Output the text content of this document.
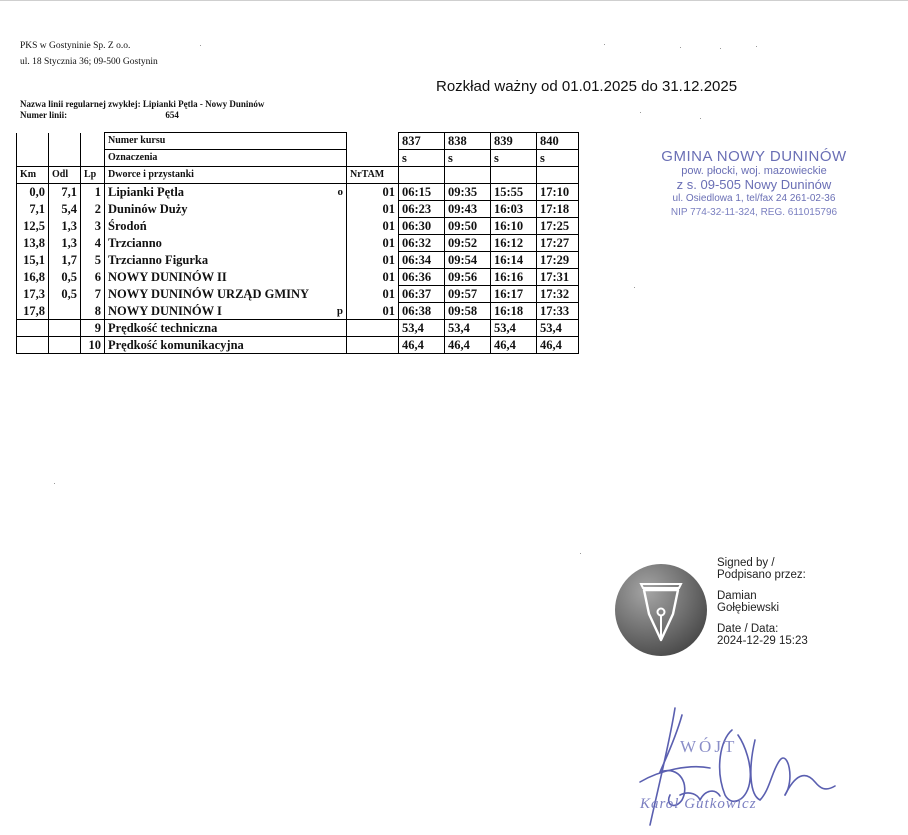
PKS w Gostyninie Sp. Z o.o.
ul. 18 Stycznia 36; 09-500 Gostynin
Rozkład ważny od 01.01.2025 do 31.12.2025
Nazwa linii regularnej zwykłej: Lipianki Pętla - Nowy Duninów
Numer linii:	654
			Numer kursu		837	838	839	840
			Oznaczenia		s	s	s	s
Km	Odl	Lp	Dworce i przystanki	NrTAM				
0,0	7,1	1	Lipianki Pętla o	01	06:15	09:35	15:55	17:10
7,1	5,4	2	Duninów Duży	01	06:23	09:43	16:03	17:18
12,5	1,3	3	Środoń	01	06:30	09:50	16:10	17:25
13,8	1,3	4	Trzcianno	01	06:32	09:52	16:12	17:27
15,1	1,7	5	Trzcianno Figurka	01	06:34	09:54	16:14	17:29
16,8	0,5	6	NOWY DUNINÓW II	01	06:36	09:56	16:16	17:31
17,3	0,5	7	NOWY DUNINÓW URZĄD GMINY	01	06:37	09:57	16:17	17:32
17,8		8	NOWY DUNINÓW I p	01	06:38	09:58	16:18	17:33
		9	Prędkość techniczna		53,4	53,4	53,4	53,4
		10	Prędkość komunikacyjna		46,4	46,4	46,4	46,4
GMINA NOWY DUNINÓW
pow. płocki, woj. mazowieckie
z s. 09-505 Nowy Duninów
ul. Osiedlowa 1, tel/fax 24 261-02-36
NIP 774-32-11-324, REG. 611015796
Signed by /
Podpisano przez:
Damian
Gołębiewski
Date / Data:
2024-12-29 15:23
WÓJT
Karol Gutkowicz
